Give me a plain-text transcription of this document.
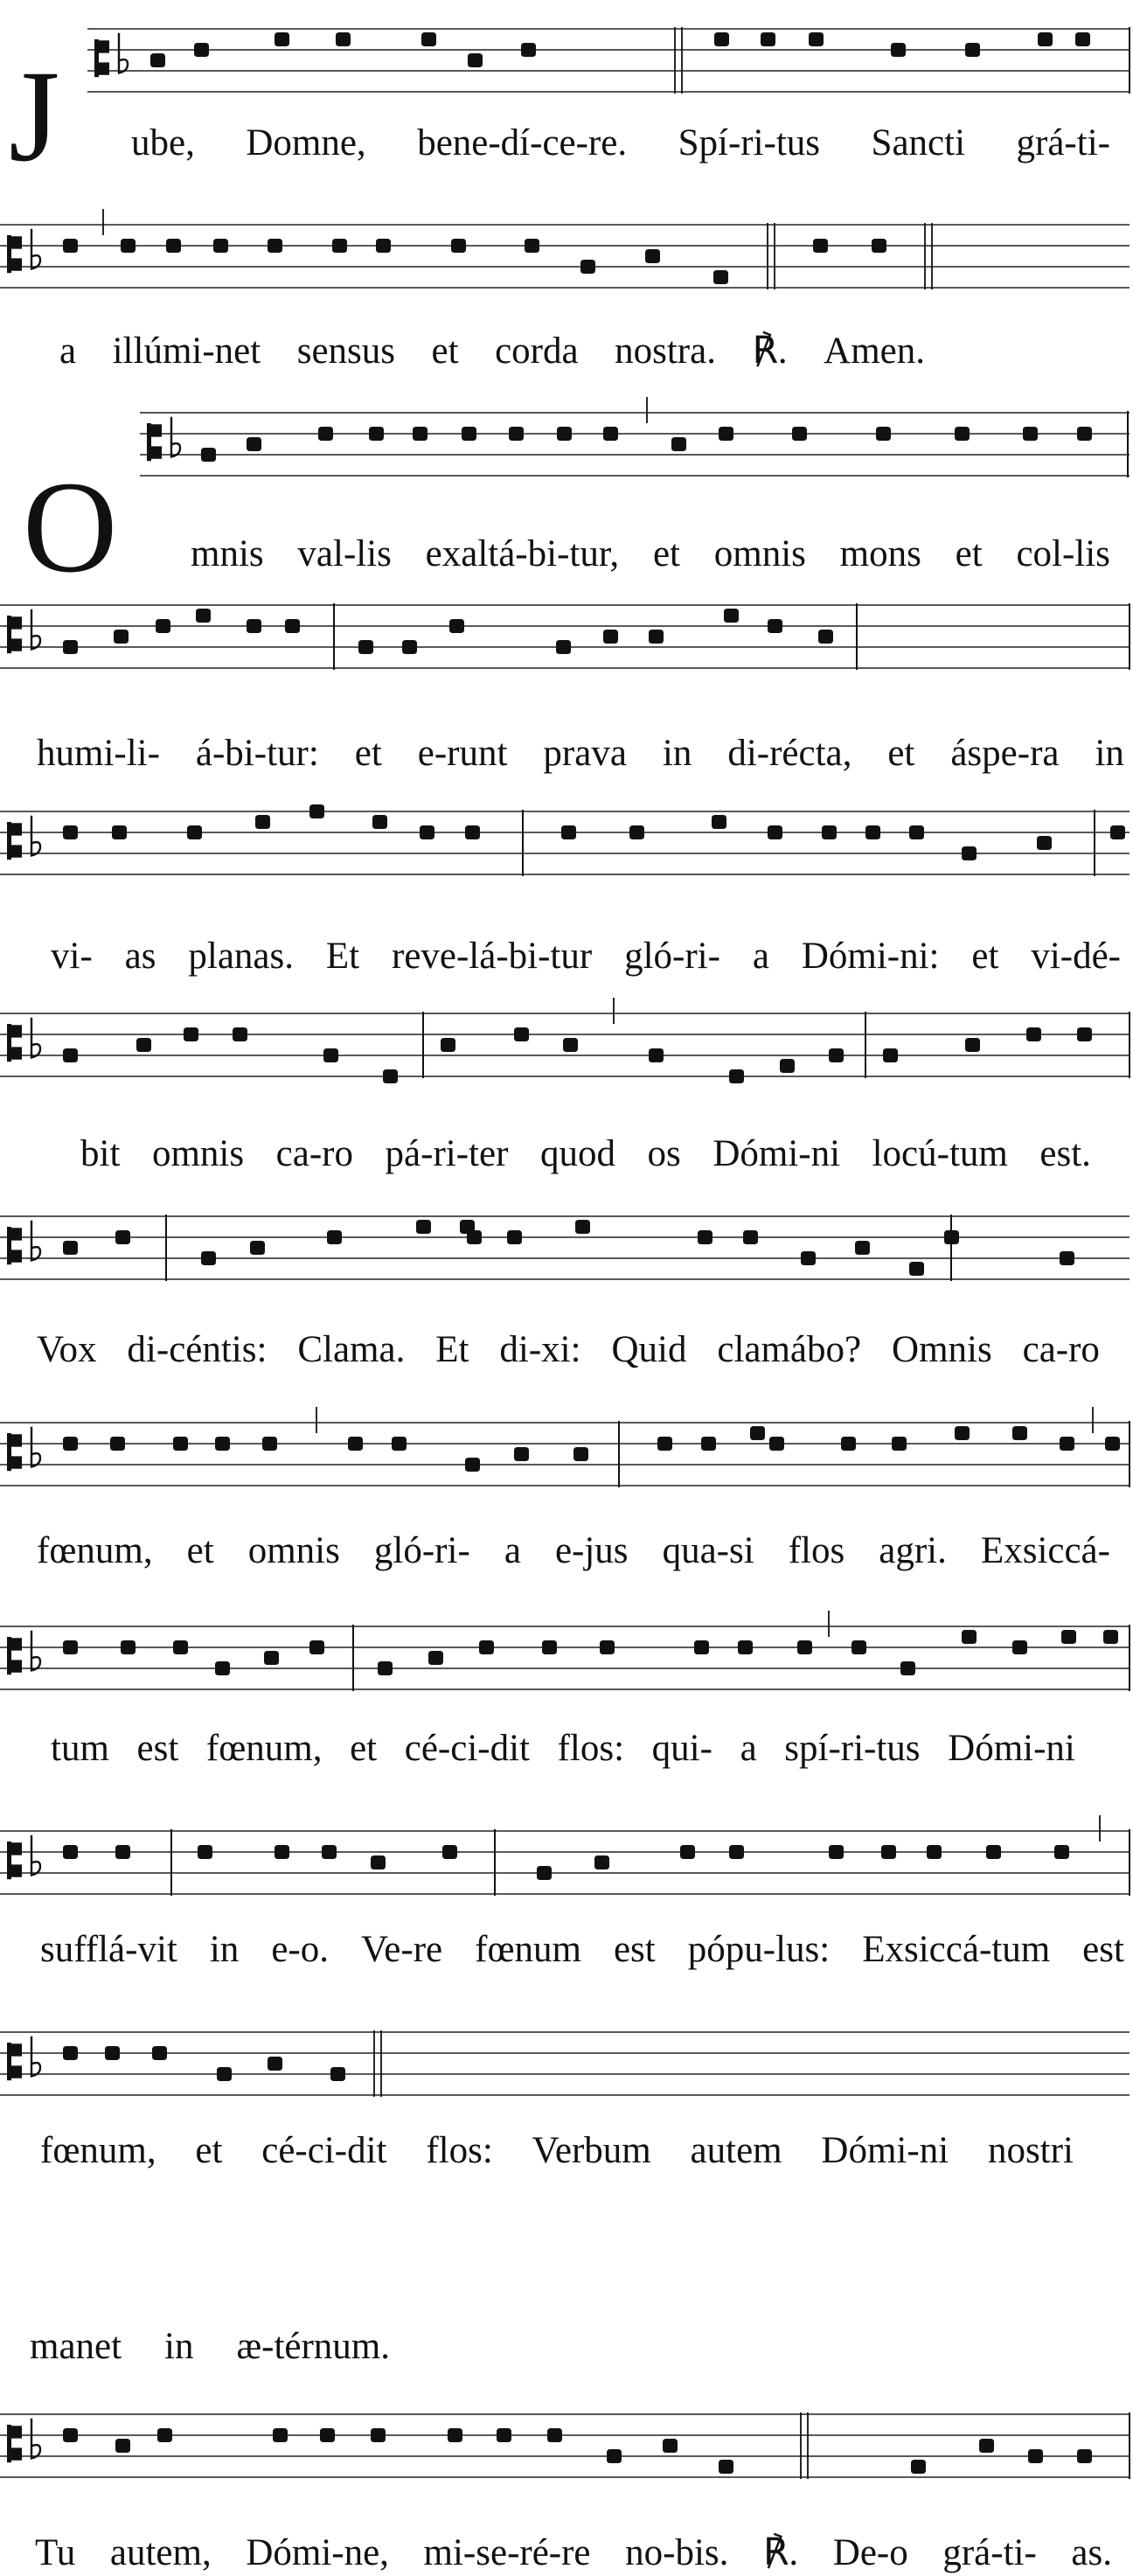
J
O
ube, Domne, bene-dí-ce-re. Spí-ri-tus Sancti grá-ti-
a illúmi-net sensus et corda nostra. ℟. Amen.
mnis val-lis exaltá-bi-tur, et omnis mons et col-lis
humi-li- á-bi-tur: et e-runt prava in di-récta, et áspe-ra in
vi- as planas. Et reve-lá-bi-tur gló-ri- a Dómi-ni: et vi-dé-
bit omnis ca-ro pá-ri-ter quod os Dómi-ni locú-tum est.
Vox di-céntis: Clama. Et di-xi: Quid clamábo? Omnis ca-ro
fœnum, et omnis gló-ri- a e-jus qua-si flos agri. Exsiccá-
tum est fœnum, et cé-ci-dit flos: qui- a spí-ri-tus Dómi-ni
sufflá-vit in e-o. Ve-re fœnum est pópu-lus: Exsiccá-tum est
fœnum, et cé-ci-dit flos: Verbum autem Dómi-ni nostri
manet in æ-térnum.
Tu autem, Dómi-ne, mi-se-ré-re no-bis. ℟. De-o grá-ti- as.
